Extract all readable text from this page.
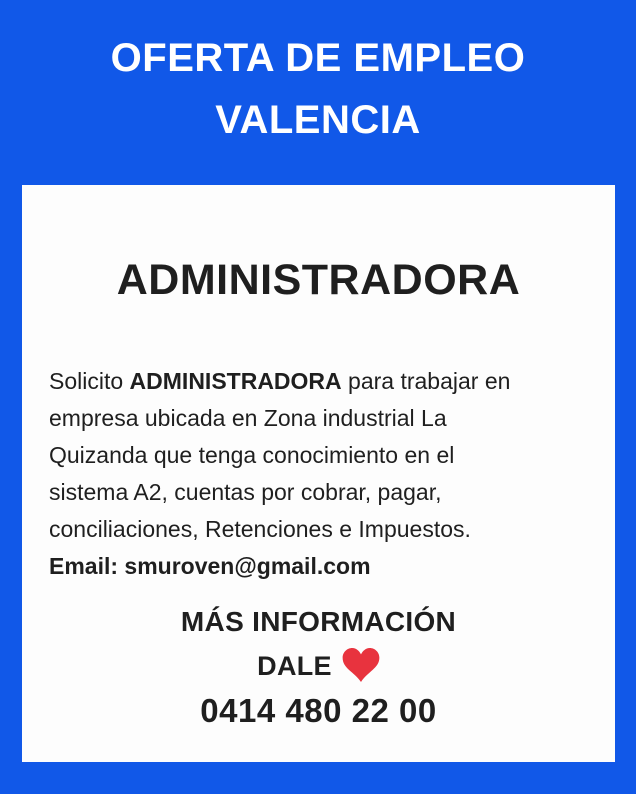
OFERTA DE EMPLEO
VALENCIA
ADMINISTRADORA
Solicito ADMINISTRADORA para trabajar en
empresa ubicada en Zona industrial La
Quizanda que tenga conocimiento en el
sistema A2, cuentas por cobrar, pagar,
conciliaciones, Retenciones e Impuestos.
Email: smuroven@gmail.com
MÁS INFORMACIÓN
DALE
0414 480 22 00
